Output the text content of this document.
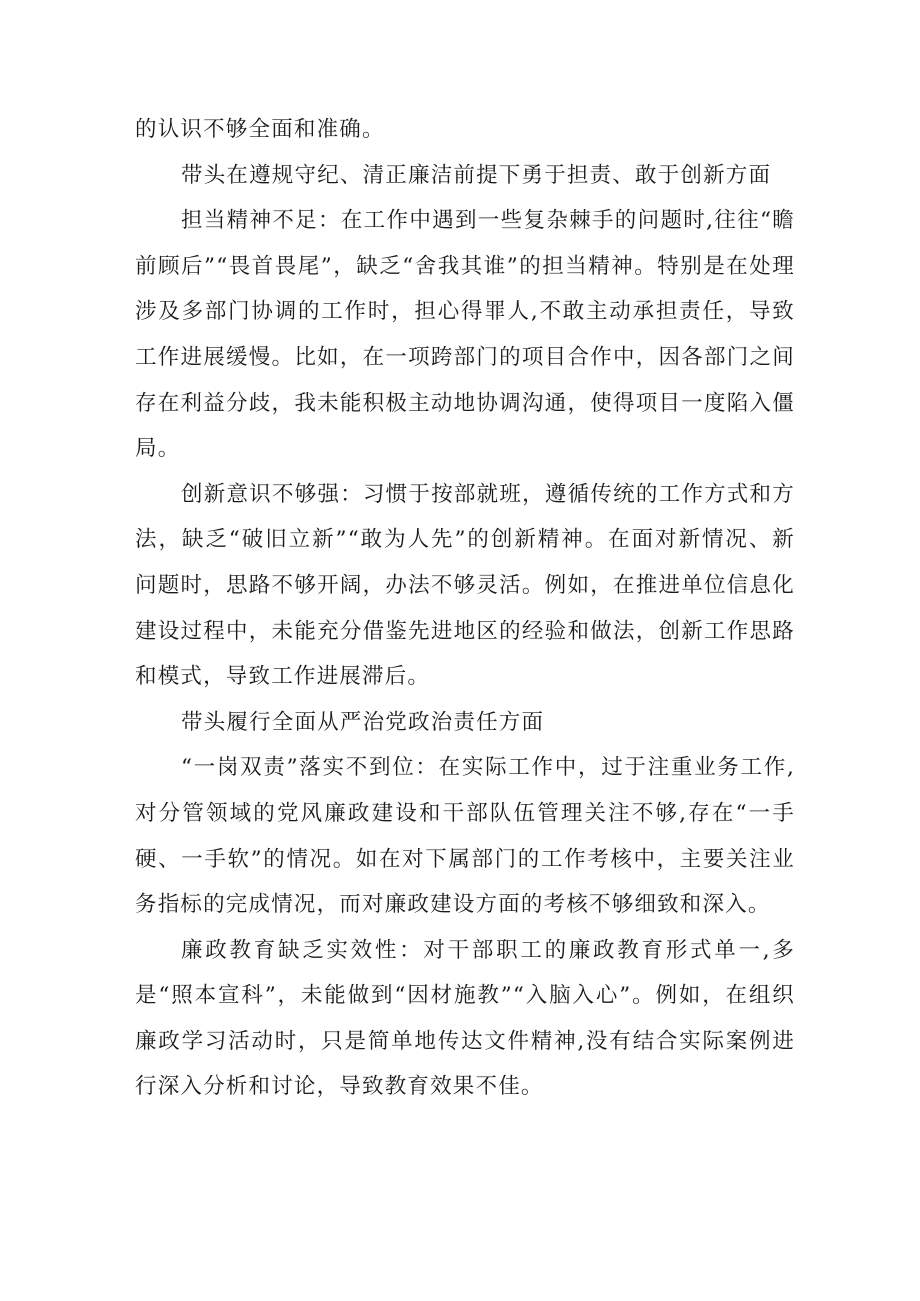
的认识不够全面和准确。

带头在遵规守纪、清正廉洁前提下勇于担责、敢于创新方面

担当精神不足：在工作中遇到一些复杂棘手的问题时,往往“瞻前顾后”“畏首畏尾”，缺乏“舍我其谁”的担当精神。特别是在处理涉及多部门协调的工作时，担心得罪人,不敢主动承担责任，导致工作进展缓慢。比如，在一项跨部门的项目合作中，因各部门之间存在利益分歧，我未能积极主动地协调沟通，使得项目一度陷入僵局。

创新意识不够强：习惯于按部就班，遵循传统的工作方式和方法，缺乏“破旧立新”“敢为人先”的创新精神。在面对新情况、新问题时，思路不够开阔，办法不够灵活。例如，在推进单位信息化建设过程中，未能充分借鉴先进地区的经验和做法，创新工作思路和模式，导致工作进展滞后。

带头履行全面从严治党政治责任方面

“一岗双责”落实不到位：在实际工作中，过于注重业务工作,对分管领域的党风廉政建设和干部队伍管理关注不够,存在“一手硬、一手软”的情况。如在对下属部门的工作考核中，主要关注业务指标的完成情况，而对廉政建设方面的考核不够细致和深入。

廉政教育缺乏实效性：对干部职工的廉政教育形式单一,多是“照本宣科”，未能做到“因材施教”“入脑入心”。例如，在组织廉政学习活动时，只是简单地传达文件精神,没有结合实际案例进行深入分析和讨论，导致教育效果不佳。
